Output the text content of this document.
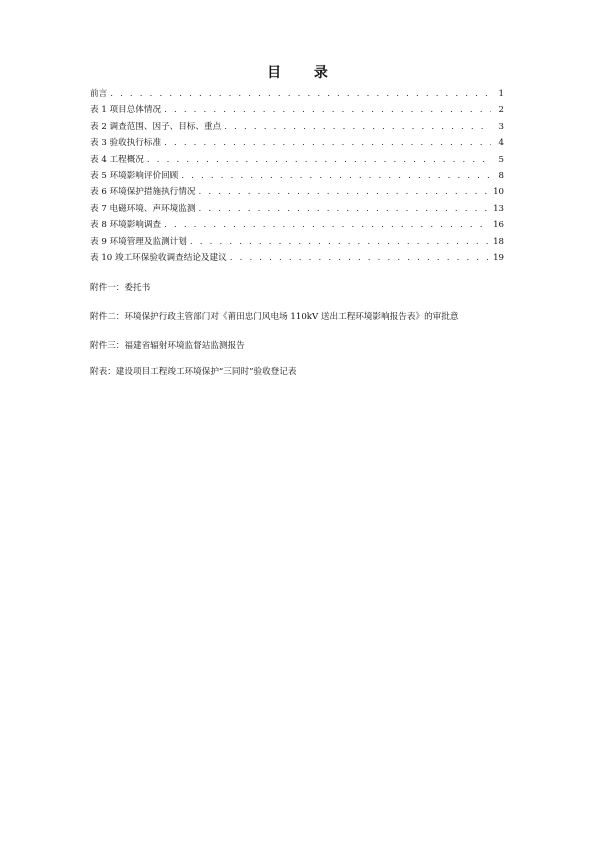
目 录
前言 . . .	1
表 1 项目总体情况 . . .	2
表 2 调查范围、因子、目标、重点 . . .	3
表 3 验收执行标准 . . .	4
表 4 工程概况 . . .	5
表 5 环境影响评价回顾 . . .	8
表 6 环境保护措施执行情况 . . .	10
表 7 电磁环境、声环境监测 . . .	13
表 8 环境影响调查 . . .	16
表 9 环境管理及监测计划 . . .	18
表 10 竣工环保验收调查结论及建议 . . .	19

附件一：委托书

附件二：环境保护行政主管部门对《莆田忠门风电场 110kV 送出工程环境影响报告表》的审批意

附件三：福建省辐射环境监督站监测报告

附表：建设项目工程竣工环境保护“三同时”验收登记表
